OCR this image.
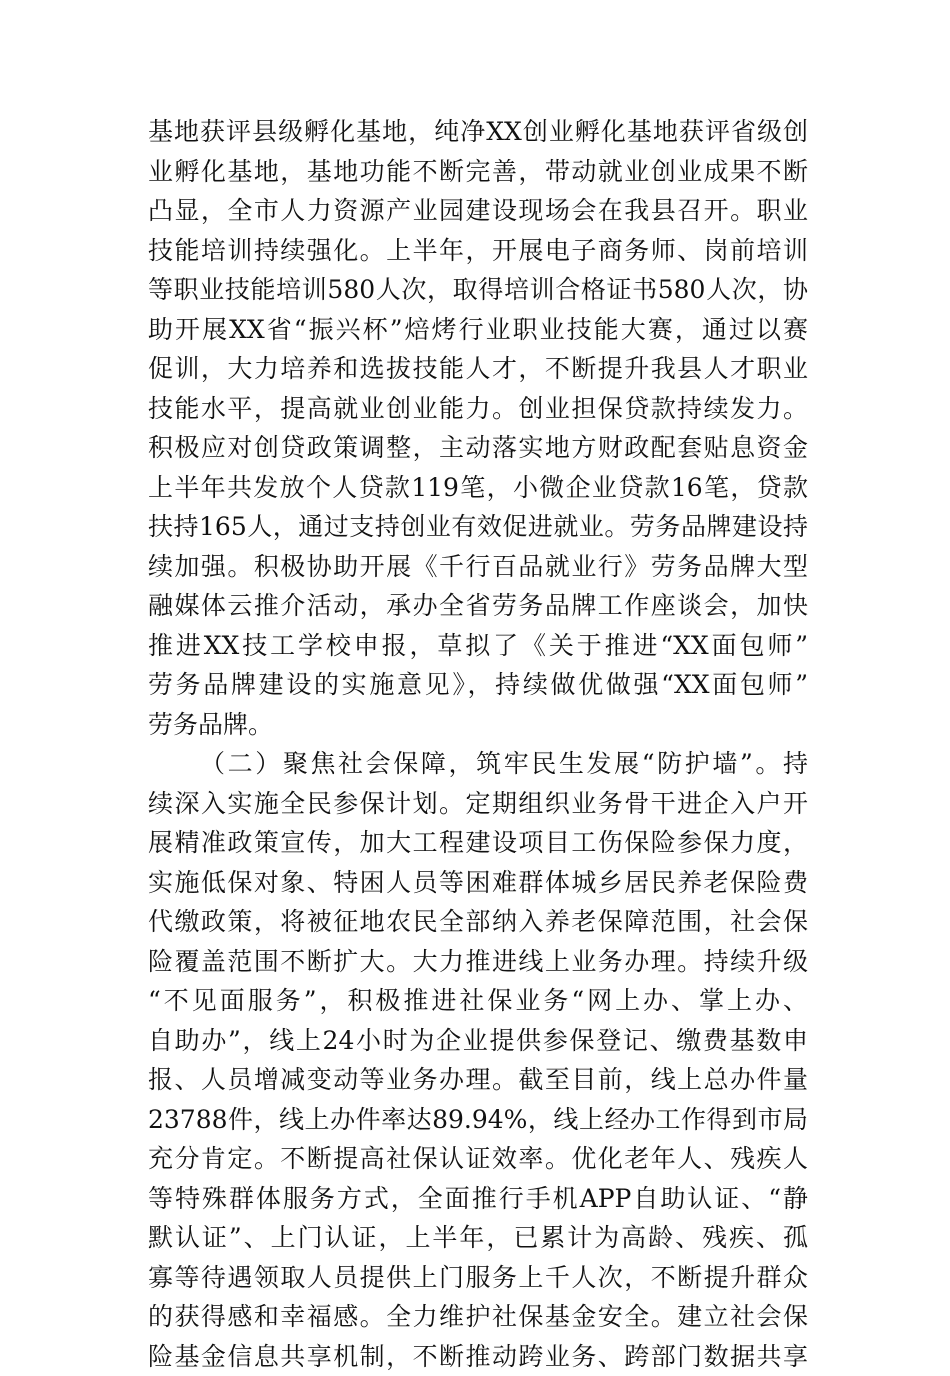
基地获评县级孵化基地，纯净XX创业孵化基地获评省级创
业孵化基地，基地功能不断完善，带动就业创业成果不断
凸显，全市人力资源产业园建设现场会在我县召开。职业
技能培训持续强化。上半年，开展电子商务师、岗前培训
等职业技能培训580人次，取得培训合格证书580人次，协
助开展XX省“振兴杯”焙烤行业职业技能大赛，通过以赛
促训，大力培养和选拔技能人才，不断提升我县人才职业
技能水平，提高就业创业能力。创业担保贷款持续发力。
积极应对创贷政策调整，主动落实地方财政配套贴息资金
上半年共发放个人贷款119笔，小微企业贷款16笔，贷款
扶持165人，通过支持创业有效促进就业。劳务品牌建设持
续加强。积极协助开展《千行百品就业行》劳务品牌大型
融媒体云推介活动，承办全省劳务品牌工作座谈会，加快
推进XX技工学校申报，草拟了《关于推进“XX面包师”
劳务品牌建设的实施意见》，持续做优做强“XX面包师”
劳务品牌。
（二）聚焦社会保障，筑牢民生发展“防护墙”。持
续深入实施全民参保计划。定期组织业务骨干进企入户开
展精准政策宣传，加大工程建设项目工伤保险参保力度，
实施低保对象、特困人员等困难群体城乡居民养老保险费
代缴政策，将被征地农民全部纳入养老保障范围，社会保
险覆盖范围不断扩大。大力推进线上业务办理。持续升级
“不见面服务”，积极推进社保业务“网上办、掌上办、
自助办”，线上24小时为企业提供参保登记、缴费基数申
报、人员增减变动等业务办理。截至目前，线上总办件量
23788件，线上办件率达89.94%，线上经办工作得到市局
充分肯定。不断提高社保认证效率。优化老年人、残疾人
等特殊群体服务方式，全面推行手机APP自助认证、“静
默认证”、上门认证，上半年，已累计为高龄、残疾、孤
寡等待遇领取人员提供上门服务上千人次，不断提升群众
的获得感和幸福感。全力维护社保基金安全。建立社会保
险基金信息共享机制，不断推动跨业务、跨部门数据共享
